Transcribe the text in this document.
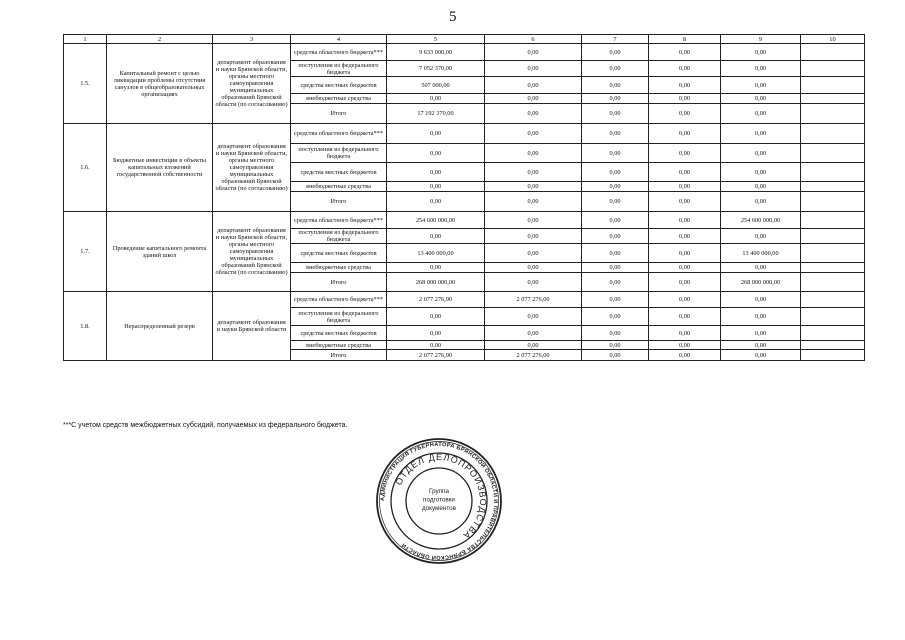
5
1	2	3	4	5	6	7	8	9	10
1.5.	Капитальный ремонт с целью ликвидации проблемы отсутствия санузлов в общеобразовательных организациях	департамент образования и науки Брянской области, органы местного самоуправления муниципальных образований Брянской области (по согласованию)	средства областного бюджета***	9 633 000,00	0,00	0,00	0,00	0,00	
			поступления из федерального бюджета	7 052 370,00	0,00	0,00	0,00	0,00	
			средства местных бюджетов	507 000,00	0,00	0,00	0,00	0,00	
			внебюджетные средства	0,00	0,00	0,00	0,00	0,00	
			Итого	17 192 370,00	0,00	0,00	0,00	0,00	
1.6.	Бюджетные инвестиции в объекты капитальных вложений государственной собственности	департамент образования и науки Брянской области, органы местного самоуправления муниципальных образований Брянской области (по согласованию)	средства областного бюджета***	0,00	0,00	0,00	0,00	0,00	
			поступления из федерального бюджета	0,00	0,00	0,00	0,00	0,00	
			средства местных бюджетов	0,00	0,00	0,00	0,00	0,00	
			внебюджетные средства	0,00	0,00	0,00	0,00	0,00	
			Итого	0,00	0,00	0,00	0,00	0,00	
1.7.	Проведение капитального ремонта зданий школ	департамент образования и науки Брянской области, органы местного самоуправления муниципальных образований Брянской области (по согласованию)	средства областного бюджета***	254 600 000,00	0,00	0,00	0,00	254 600 000,00	
			поступления из федерального бюджета	0,00	0,00	0,00	0,00	0,00	
			средства местных бюджетов	13 400 000,00	0,00	0,00	0,00	13 400 000,00	
			внебюджетные средства	0,00	0,00	0,00	0,00	0,00	
			Итого	268 000 000,00	0,00	0,00	0,00	268 000 000,00	
1.8.	Нераспределенный резерв	департамент образования и науки Брянской области	средства областного бюджета***	2 077 276,00	2 077 276,00	0,00	0,00	0,00	
			поступления из федерального бюджета	0,00	0,00	0,00	0,00	0,00	
			средства местных бюджетов	0,00	0,00	0,00	0,00	0,00	
			внебюджетные средства	0,00	0,00	0,00	0,00	0,00	
			Итого	2 077 276,00	2 077 276,00	0,00	0,00	0,00	
***С учетом средств межбюджетных субсидий, получаемых из федерального бюджета.
АДМИНИСТРАЦИЯ ГУБЕРНАТОРА БРЯНСКОЙ ОБЛАСТИ И ПРАВИТЕЛЬСТВА БРЯНСКОЙ ОБЛАСТИ
ОТДЕЛ ДЕЛОПРОИЗВОДСТВА
Группа
подготовки
документов
